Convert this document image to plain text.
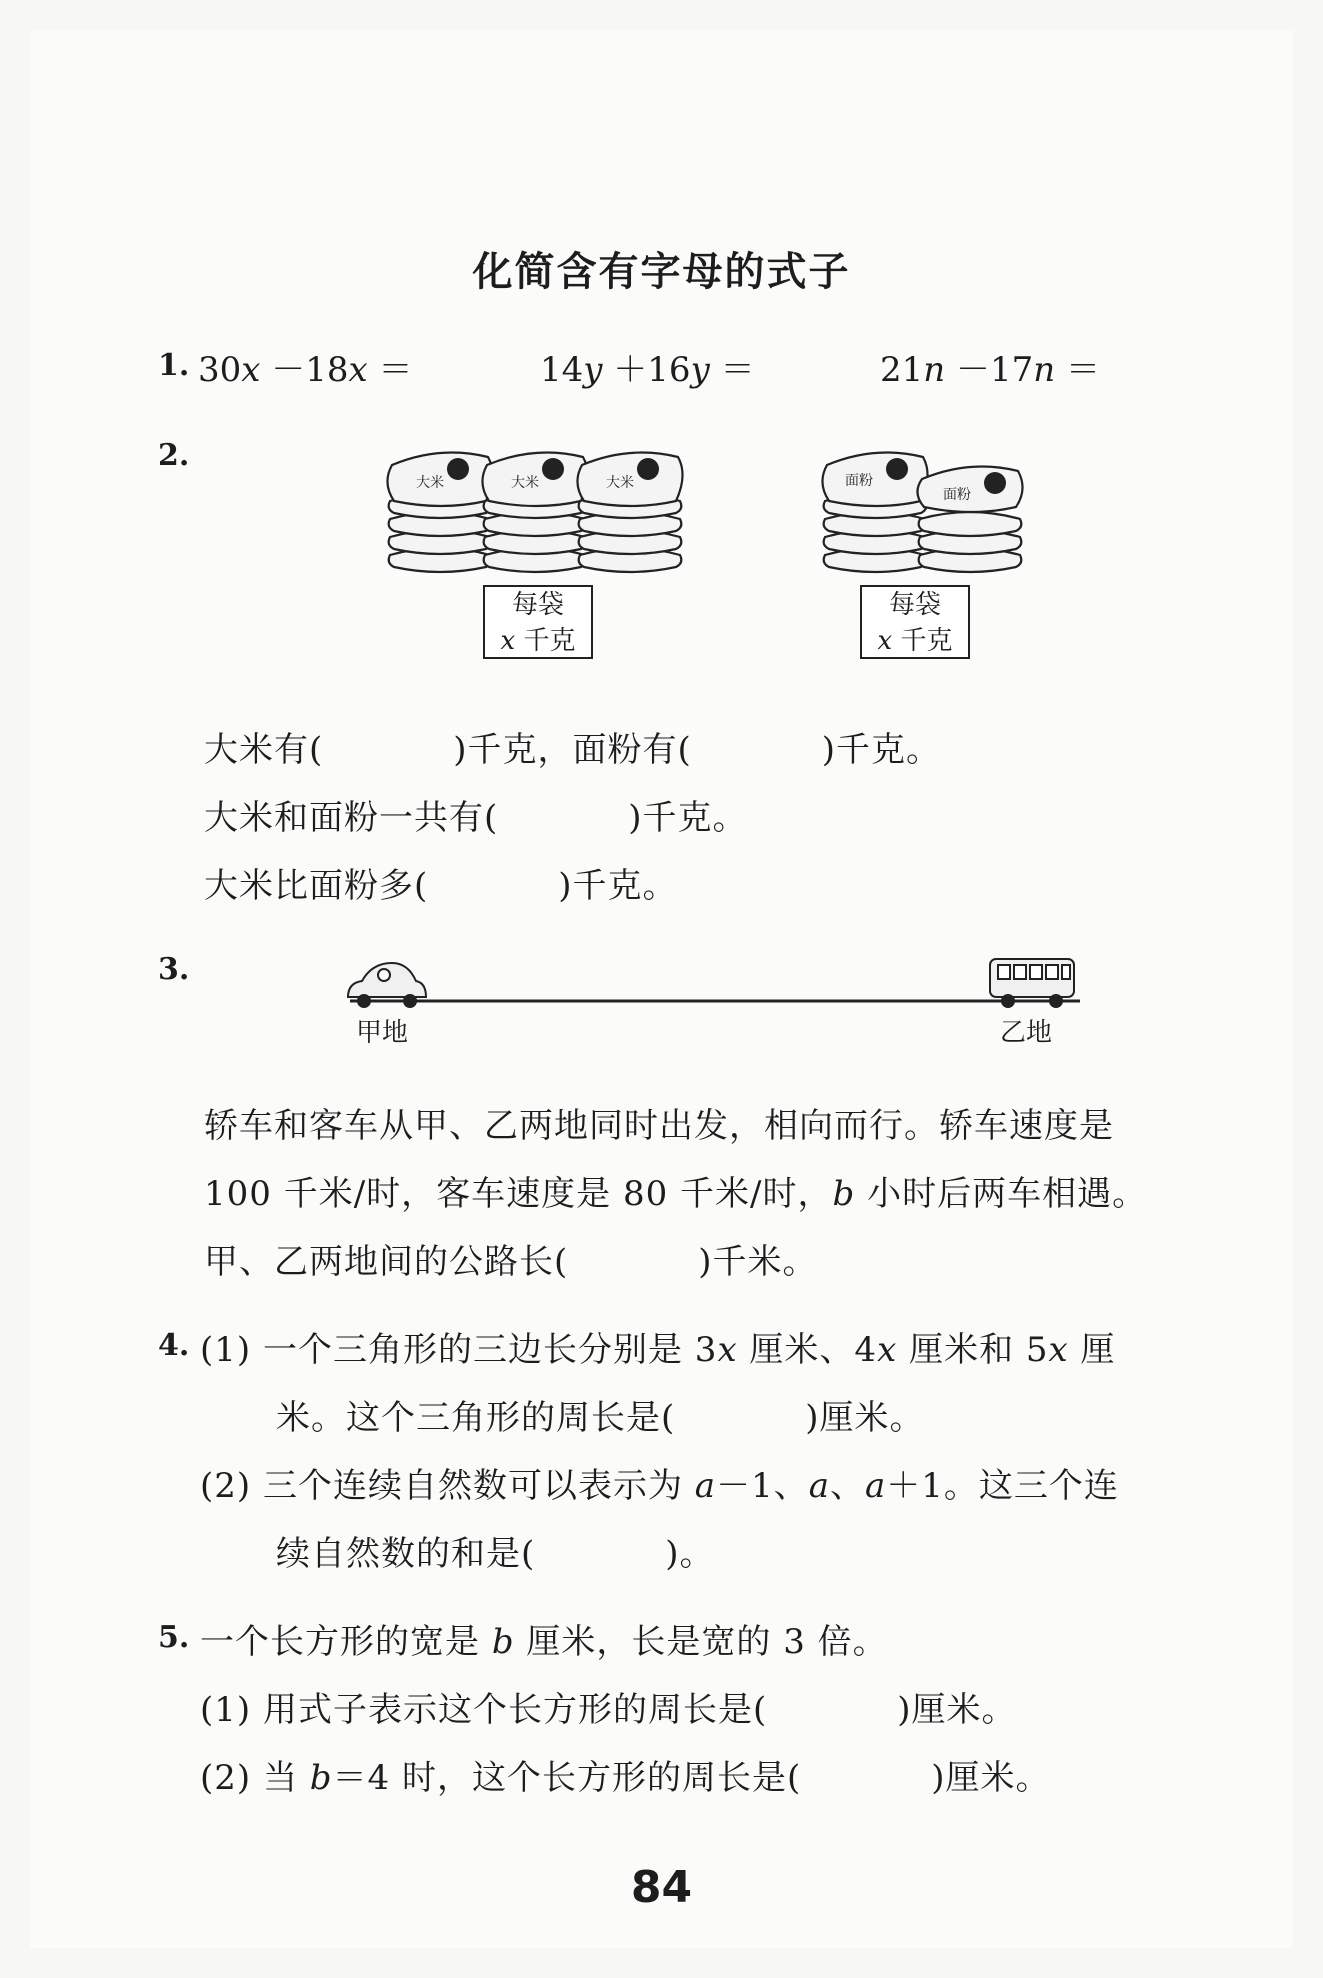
化简含有字母的式子
1. 30x －18x ＝	14y ＋16y ＝	21n －17n ＝
2.
大米	大米	大米	面粉
面粉
每袋
x 千克
每袋
x 千克
大米有(	)千克，面粉有(	)千克。
大米和面粉一共有(	)千克。
大米比面粉多(	)千克。
3.
甲地	乙地
轿车和客车从甲、乙两地同时出发，相向而行。轿车速度是
100 千米/时，客车速度是 80 千米/时，b 小时后两车相遇。
甲、乙两地间的公路长(	)千米。
4. (1) 一个三角形的三边长分别是 3x 厘米、4x 厘米和 5x 厘
米。这个三角形的周长是(	)厘米。
(2) 三个连续自然数可以表示为 a－1、a、a＋1。这三个连
续自然数的和是(	)。
5. 一个长方形的宽是 b 厘米，长是宽的 3 倍。
(1) 用式子表示这个长方形的周长是(	)厘米。
(2) 当 b＝4 时，这个长方形的周长是(	)厘米。
84
